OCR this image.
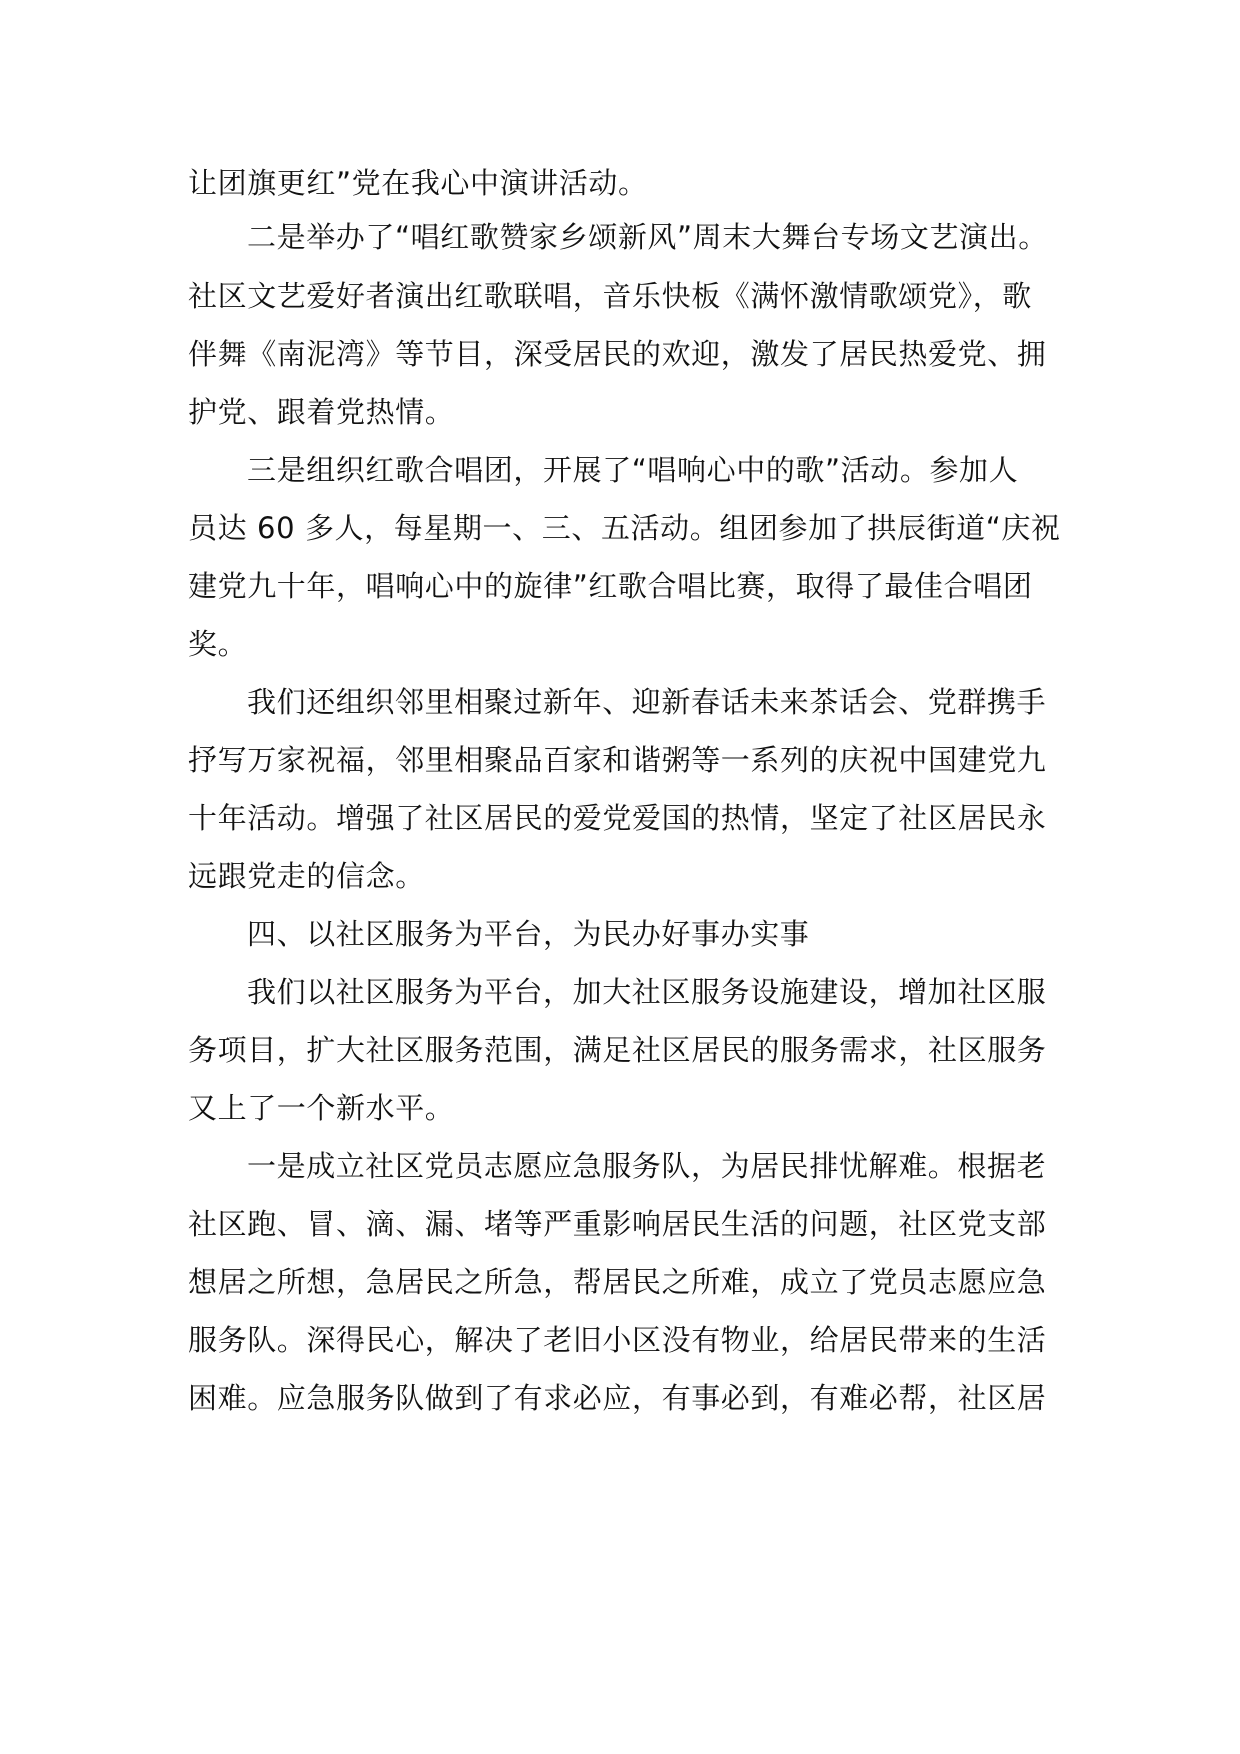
让团旗更红”党在我心中演讲活动。
二是举办了“唱红歌赞家乡颂新风”周末大舞台专场文艺演出。
社区文艺爱好者演出红歌联唱，音乐快板《满怀激情歌颂党》，歌
伴舞《南泥湾》等节目，深受居民的欢迎，激发了居民热爱党、拥
护党、跟着党热情。
三是组织红歌合唱团，开展了“唱响心中的歌”活动。参加人
员达 60 多人，每星期一、三、五活动。组团参加了拱辰街道“庆祝
建党九十年，唱响心中的旋律”红歌合唱比赛，取得了最佳合唱团
奖。
我们还组织邻里相聚过新年、迎新春话未来茶话会、党群携手
抒写万家祝福，邻里相聚品百家和谐粥等一系列的庆祝中国建党九
十年活动。增强了社区居民的爱党爱国的热情，坚定了社区居民永
远跟党走的信念。
四、以社区服务为平台，为民办好事办实事
我们以社区服务为平台，加大社区服务设施建设，增加社区服
务项目，扩大社区服务范围，满足社区居民的服务需求，社区服务
又上了一个新水平。
一是成立社区党员志愿应急服务队，为居民排忧解难。根据老
社区跑、冒、滴、漏、堵等严重影响居民生活的问题，社区党支部
想居之所想，急居民之所急，帮居民之所难，成立了党员志愿应急
服务队。深得民心，解决了老旧小区没有物业，给居民带来的生活
困难。应急服务队做到了有求必应，有事必到，有难必帮，社区居
